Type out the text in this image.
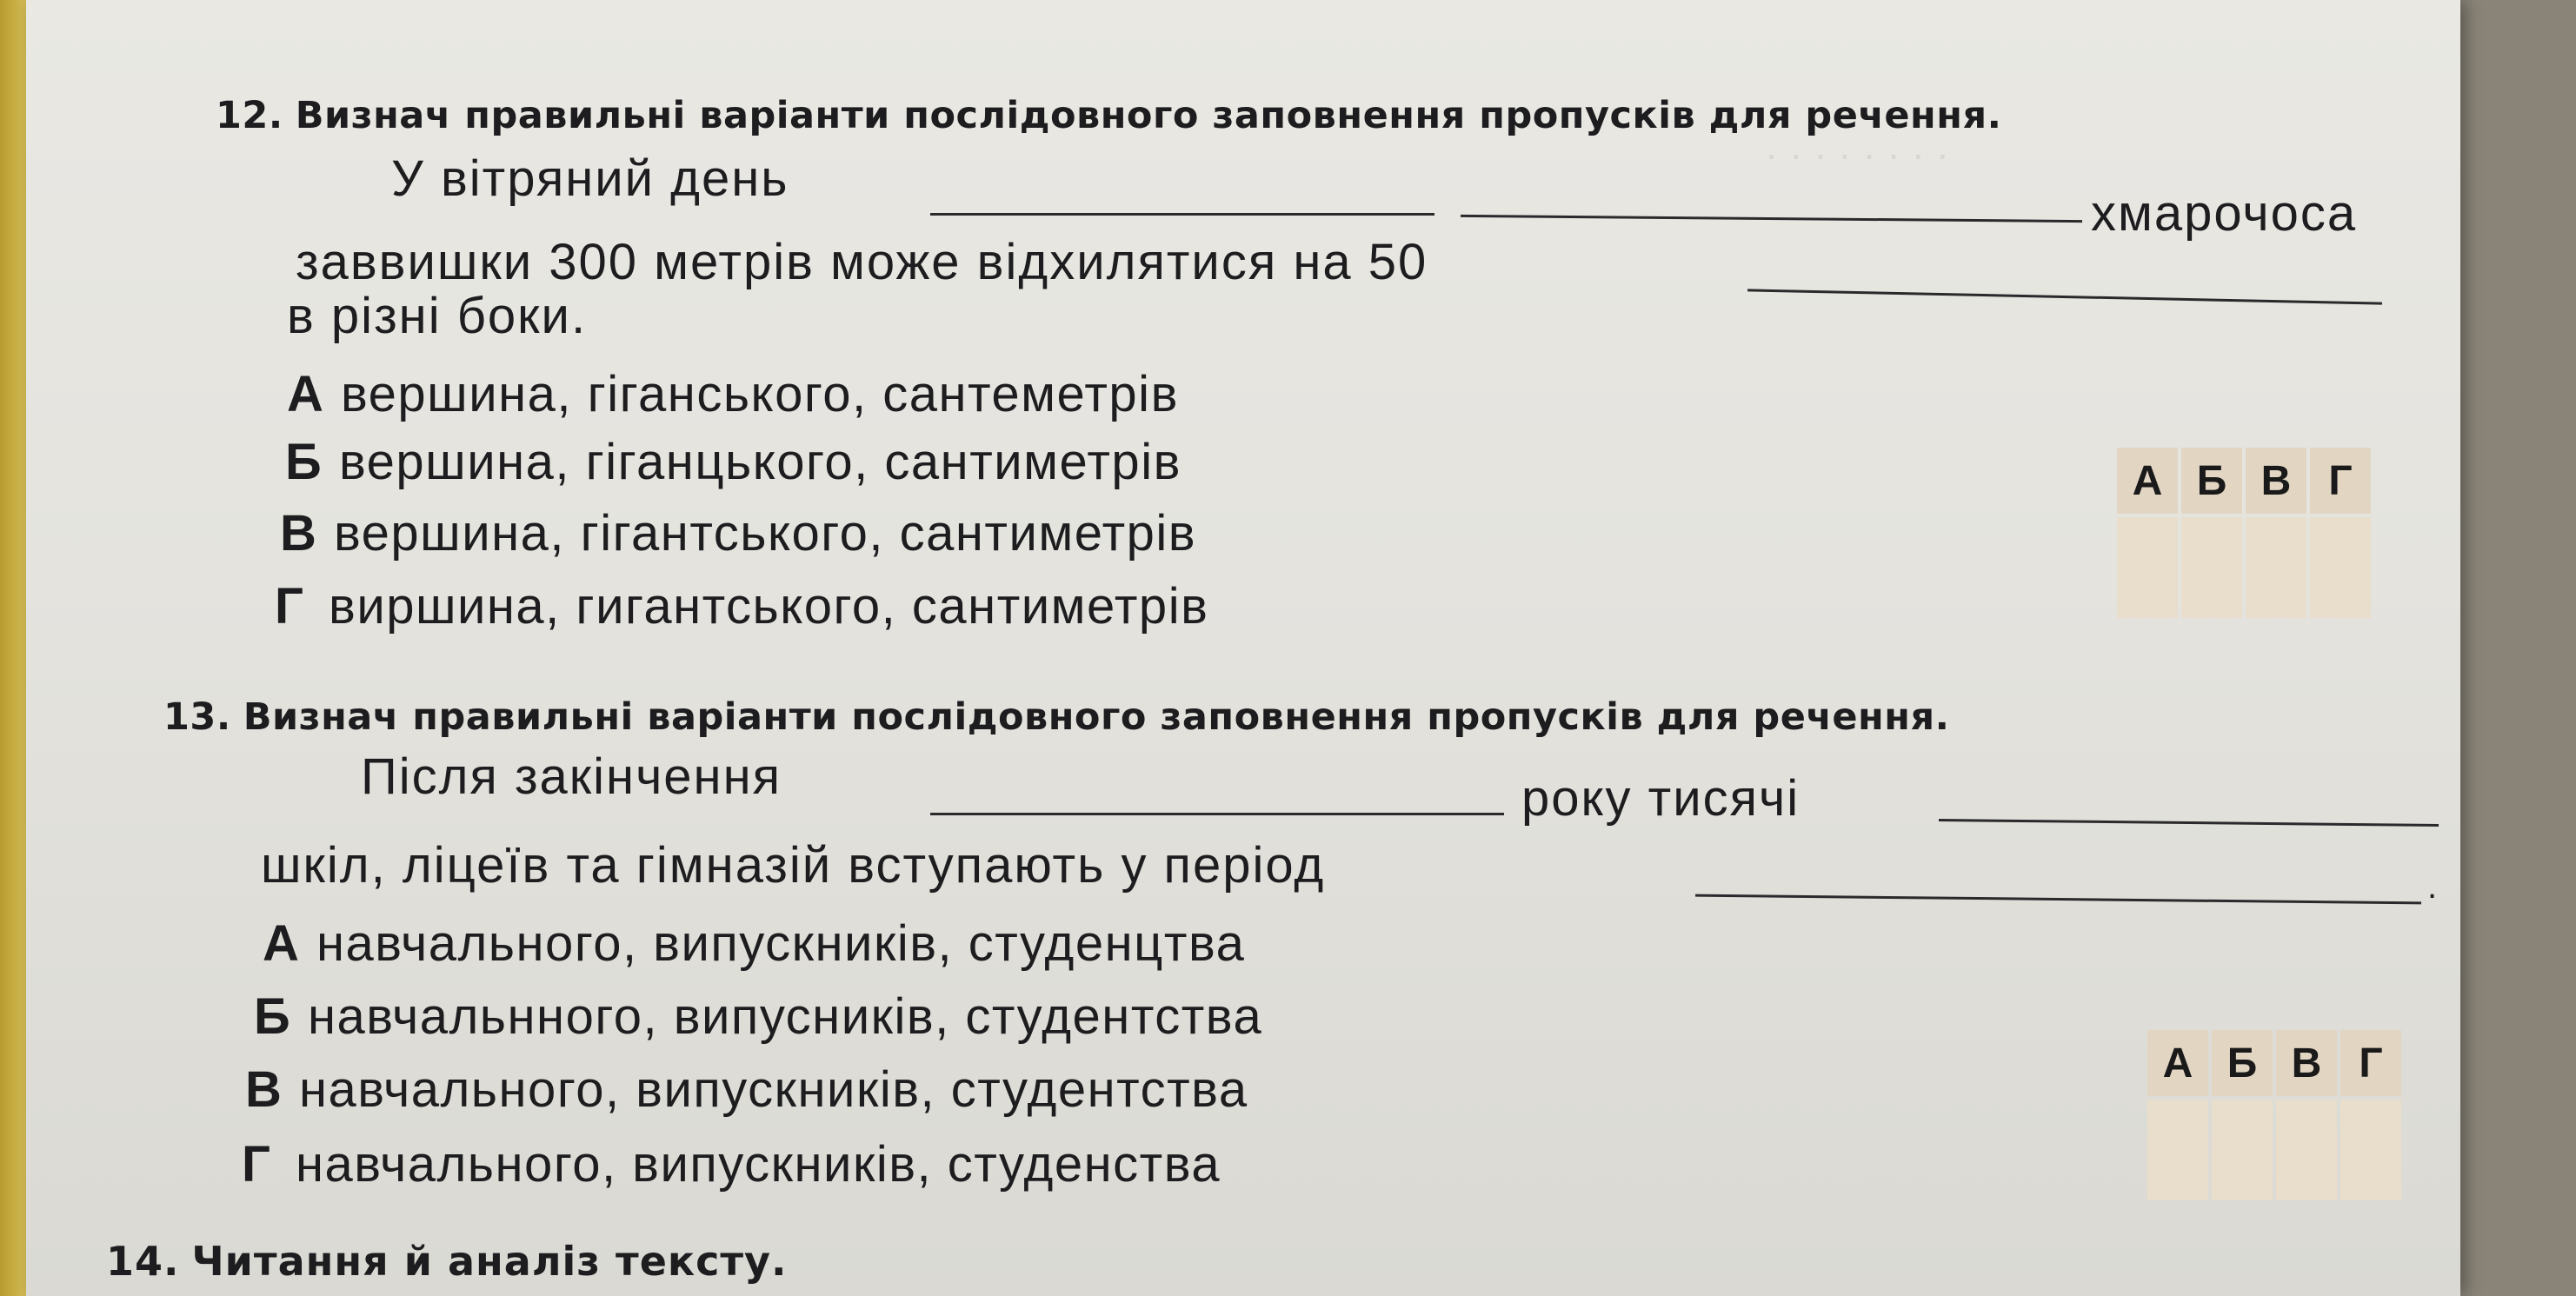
· · · · · · · ·
12. Визнач правильні варіанти послідовного заповнення пропусків для речення.
У вітряний день
хмарочоса
заввишки 300 метрів може відхилятися на 50
в різні боки.
А вершина, гіганського, сантеметрів
Б вершина, гіганцького, сантиметрів
В вершина, гігантського, сантиметрів
Г виршина, гигантського, сантиметрів
А Б В Г
13. Визнач правильні варіанти послідовного заповнення пропусків для речення.
Після закінчення	року тисячі
шкіл, ліцеїв та гімназій вступають у період	.
А навчального, випускників, студенцтва
Б навчальнного, випусників, студентства
В навчального, випускників, студентства
Г навчального, випускників, студенства
А Б В Г
14. Читання й аналіз тексту.
